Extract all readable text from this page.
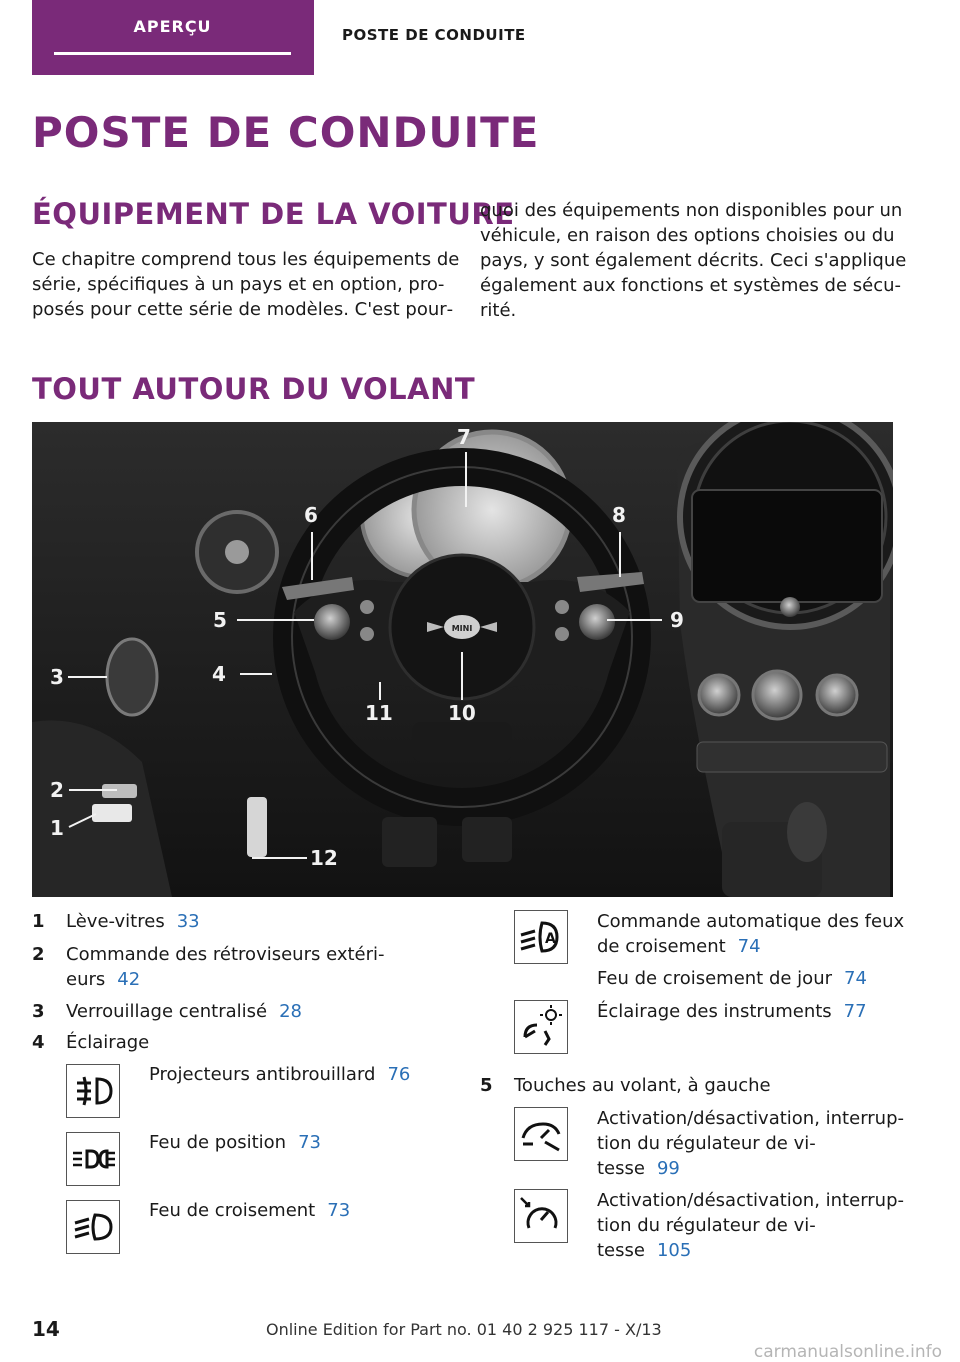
APERÇU	POSTE DE CONDUITE
POSTE DE CONDUITE
ÉQUIPEMENT DE LA VOITURE
Ce chapitre comprend tous les équipements de
série, spécifiques à un pays et en option, pro‐
posés pour cette série de modèles. C'est pour‐
quoi des équipements non disponibles pour un
véhicule, en raison des options choisies ou du
pays, y sont également décrits. Ceci s'applique
également aux fonctions et systèmes de sécu‐
rité.
TOUT AUTOUR DU VOLANT
MINI
1
2
3	4
5
6
7
8
9
10
11
12
1 Lève-vitres 33
2 Commande des rétroviseurs extéri‐
eurs 42
3 Verrouillage centralisé 28
4 Éclairage
Projecteurs antibrouillard 76
Feu de position 73
Feu de croisement 73
A
Commande automatique des feux
de croisement 74
Feu de croisement de jour 74
Éclairage des instruments 77
5 Touches au volant, à gauche
Activation/désactivation, interrup‐
tion du régulateur de vi‐
tesse 99
Activation/désactivation, interrup‐
tion du régulateur de vi‐
tesse 105
14	Online Edition for Part no. 01 40 2 925 117 - X/13
carmanualsonline.info
